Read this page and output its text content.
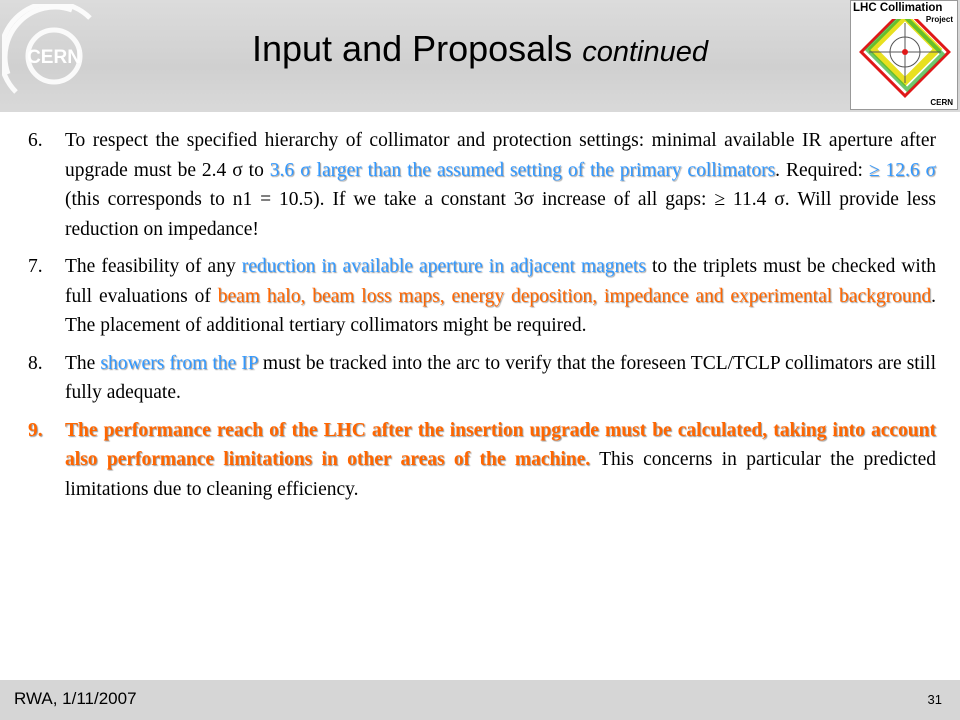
CERN	Input and Proposals continued
LHC Collimation
Project
CERN
6. To respect the specified hierarchy of collimator and protection settings: minimal available IR aperture after upgrade must be 2.4 σ to 3.6 σ larger than the assumed setting of the primary collimators. Required: ≥ 12.6 σ (this corresponds to n1 = 10.5). If we take a constant 3σ increase of all gaps: ≥ 11.4 σ. Will provide less reduction on impedance!
7. The feasibility of any reduction in available aperture in adjacent magnets to the triplets must be checked with full evaluations of beam halo, beam loss maps, energy deposition, impedance and experimental background. The placement of additional tertiary collimators might be required.
8. The showers from the IP must be tracked into the arc to verify that the foreseen TCL/TCLP collimators are still fully adequate.
9. The performance reach of the LHC after the insertion upgrade must be calculated, taking into account also performance limitations in other areas of the machine. This concerns in particular the predicted limitations due to cleaning efficiency.
RWA, 1/11/2007	31
